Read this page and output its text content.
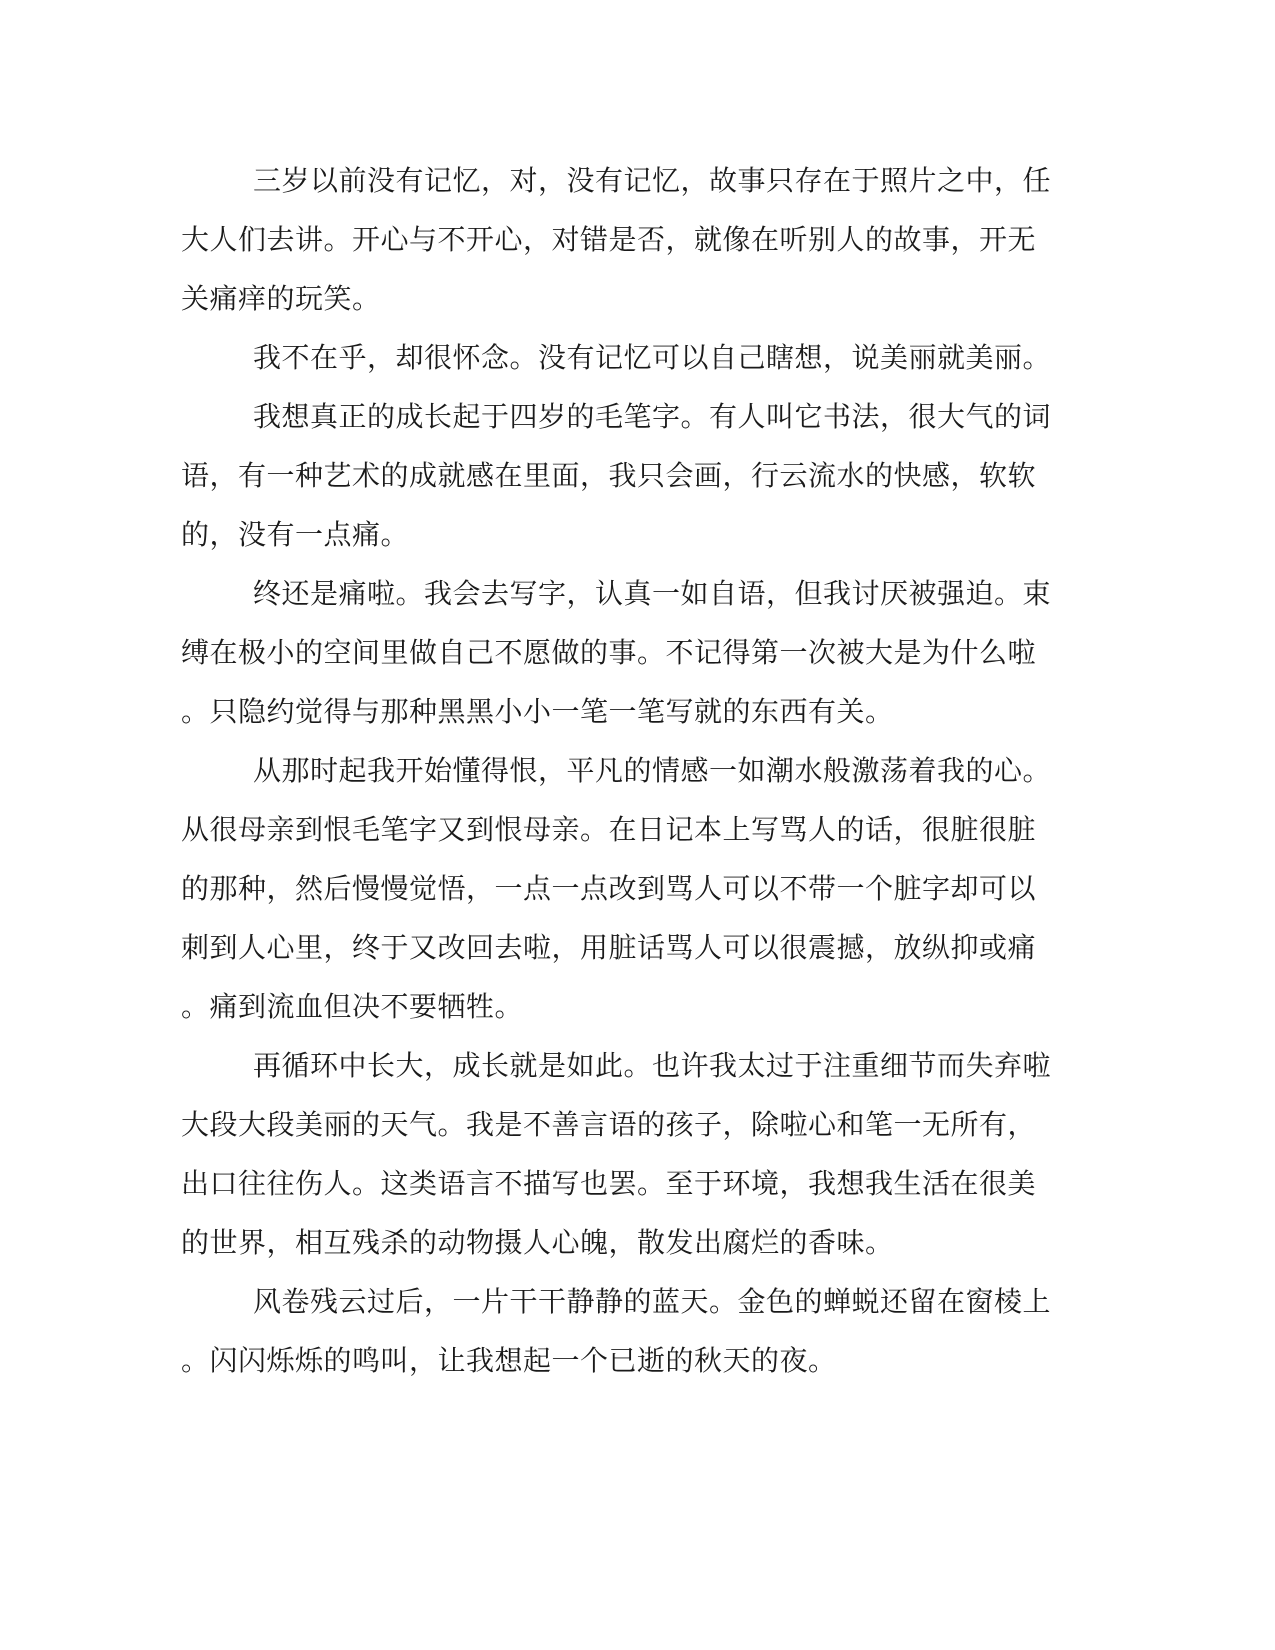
三岁以前没有记忆，对，没有记忆，故事只存在于照片之中，任
大人们去讲。开心与不开心，对错是否，就像在听别人的故事，开无
关痛痒的玩笑。
我不在乎，却很怀念。没有记忆可以自己瞎想，说美丽就美丽。
我想真正的成长起于四岁的毛笔字。有人叫它书法，很大气的词
语，有一种艺术的成就感在里面，我只会画，行云流水的快感，软软
的，没有一点痛。
终还是痛啦。我会去写字，认真一如自语，但我讨厌被强迫。束
缚在极小的空间里做自己不愿做的事。不记得第一次被大是为什么啦
。只隐约觉得与那种黑黑小小一笔一笔写就的东西有关。
从那时起我开始懂得恨，平凡的情感一如潮水般激荡着我的心。
从很母亲到恨毛笔字又到恨母亲。在日记本上写骂人的话，很脏很脏
的那种，然后慢慢觉悟，一点一点改到骂人可以不带一个脏字却可以
刺到人心里，终于又改回去啦，用脏话骂人可以很震撼，放纵抑或痛
。痛到流血但决不要牺牲。
再循环中长大，成长就是如此。也许我太过于注重细节而失弃啦
大段大段美丽的天气。我是不善言语的孩子，除啦心和笔一无所有，
出口往往伤人。这类语言不描写也罢。至于环境，我想我生活在很美
的世界，相互残杀的动物摄人心魄，散发出腐烂的香味。
风卷残云过后，一片干干静静的蓝天。金色的蝉蜕还留在窗棱上
。闪闪烁烁的鸣叫，让我想起一个已逝的秋天的夜。
